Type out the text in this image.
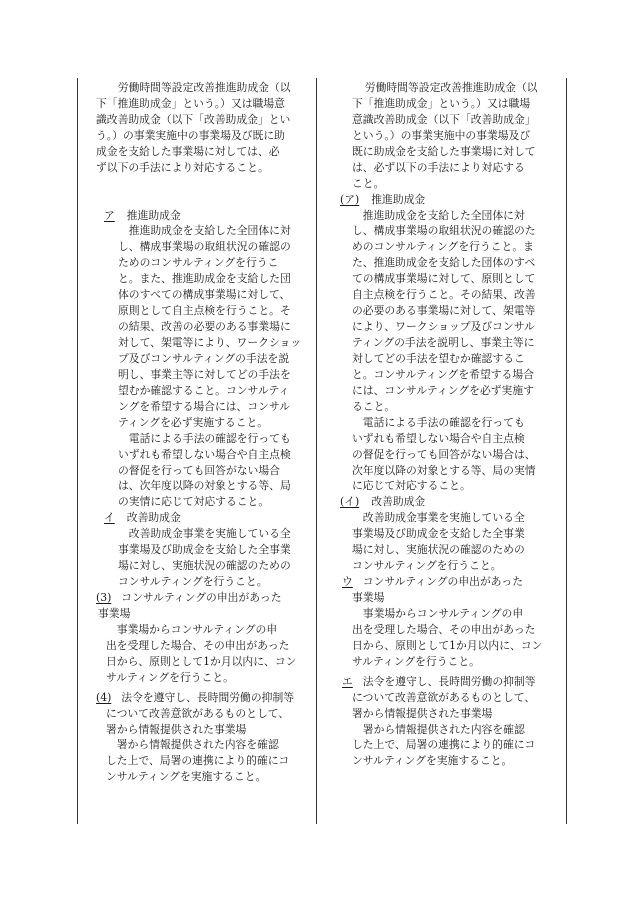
　労働時間等設定改善推進助成金（以
下「推進助成金」という。）又は職場意
識改善助成金（以下「改善助成金」とい
う。）の事業実施中の事業場及び既に助
成金を支給した事業場に対しては、必
ず以下の手法により対応すること。
ア 推進助成金
　推進助成金を支給した全団体に対
し、構成事業場の取組状況の確認の
ためのコンサルティングを行うこ
と。また、推進助成金を支給した団
体のすべての構成事業場に対して、
原則として自主点検を行うこと。そ
の結果、改善の必要のある事業場に
対して、架電等により、ワークショッ
プ及びコンサルティングの手法を説
明し、事業主等に対してどの手法を
望むか確認すること。コンサルティ
ングを希望する場合には、コンサル
ティングを必ず実施すること。
　電話による手法の確認を行っても
いずれも希望しない場合や自主点検
の督促を行っても回答がない場合
は、次年度以降の対象とする等、局
の実情に応じて対応すること。
イ 改善助成金
　改善助成金事業を実施している全
事業場及び助成金を支給した全事業
場に対し、実施状況の確認のための
コンサルティングを行うこと。
(3) コンサルティングの申出があった
事業場
　事業場からコンサルティングの申
出を受理した場合、その申出があった
日から、原則として1か月以内に、コン
サルティングを行うこと。
(4) 法令を遵守し、長時間労働の抑制等
について改善意欲があるものとして、
署から情報提供された事業場
　署から情報提供された内容を確認
した上で、局署の連携により的確にコ
ンサルティングを実施すること。
　労働時間等設定改善推進助成金（以
下「推進助成金」という。）又は職場
意識改善助成金（以下「改善助成金」
という。）の事業実施中の事業場及び
既に助成金を支給した事業場に対して
は、必ず以下の手法により対応する
こと。
(ア) 推進助成金
　推進助成金を支給した全団体に対
し、構成事業場の取組状況の確認のた
めのコンサルティングを行うこと。ま
た、推進助成金を支給した団体のすべ
ての構成事業場に対して、原則として
自主点検を行うこと。その結果、改善
の必要のある事業場に対して、架電等
により、ワークショップ及びコンサル
ティングの手法を説明し、事業主等に
対してどの手法を望むか確認するこ
と。コンサルティングを希望する場合
には、コンサルティングを必ず実施す
ること。
　電話による手法の確認を行っても
いずれも希望しない場合や自主点検
の督促を行っても回答がない場合は、
次年度以降の対象とする等、局の実情
に応じて対応すること。
(イ) 改善助成金
　改善助成金事業を実施している全
事業場及び助成金を支給した全事業
場に対し、実施状況の確認のための
コンサルティングを行うこと。
ウ コンサルティングの申出があった
事業場
　事業場からコンサルティングの申
出を受理した場合、その申出があった
日から、原則として1か月以内に、コン
サルティングを行うこと。
エ 法令を遵守し、長時間労働の抑制等
について改善意欲があるものとして、
署から情報提供された事業場
　署から情報提供された内容を確認
した上で、局署の連携により的確にコ
ンサルティングを実施すること。
